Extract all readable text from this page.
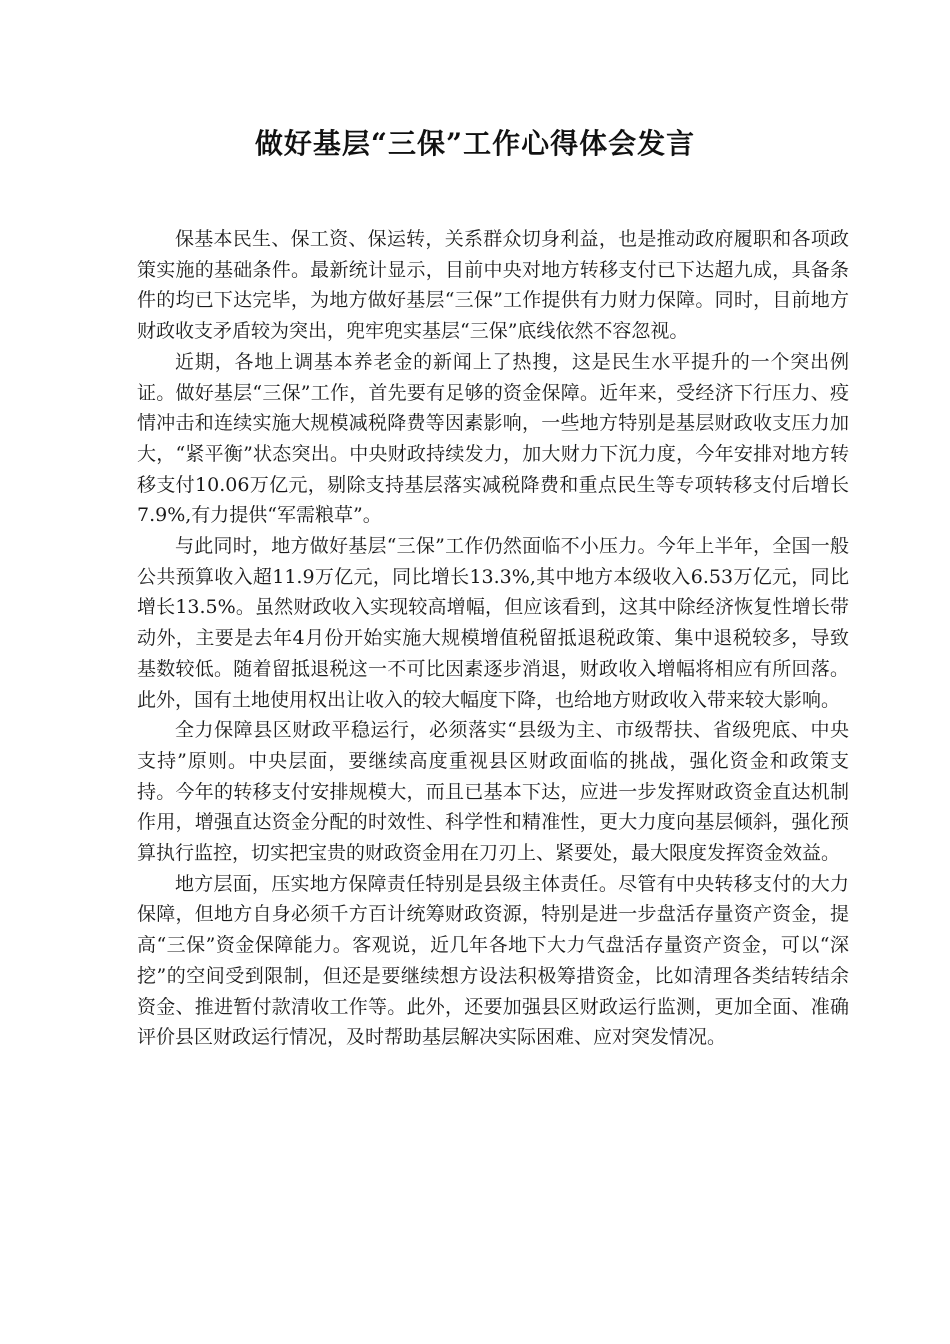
做好基层“三保”工作心得体会发言

保基本民生、保工资、保运转，关系群众切身利益，也是推动政府履职和各项政策实施的基础条件。最新统计显示，目前中央对地方转移支付已下达超九成，具备条件的均已下达完毕，为地方做好基层“三保”工作提供有力财力保障。同时，目前地方财政收支矛盾较为突出，兜牢兜实基层“三保”底线依然不容忽视。

近期，各地上调基本养老金的新闻上了热搜，这是民生水平提升的一个突出例证。做好基层“三保”工作，首先要有足够的资金保障。近年来，受经济下行压力、疫情冲击和连续实施大规模减税降费等因素影响，一些地方特别是基层财政收支压力加大，“紧平衡”状态突出。中央财政持续发力，加大财力下沉力度，今年安排对地方转移支付10.06万亿元，剔除支持基层落实减税降费和重点民生等专项转移支付后增长7.9%,有力提供“军需粮草”。

与此同时，地方做好基层“三保”工作仍然面临不小压力。今年上半年，全国一般公共预算收入超11.9万亿元，同比增长13.3%,其中地方本级收入6.53万亿元，同比增长13.5%。虽然财政收入实现较高增幅，但应该看到，这其中除经济恢复性增长带动外，主要是去年4月份开始实施大规模增值税留抵退税政策、集中退税较多，导致基数较低。随着留抵退税这一不可比因素逐步消退，财政收入增幅将相应有所回落。此外，国有土地使用权出让收入的较大幅度下降，也给地方财政收入带来较大影响。

全力保障县区财政平稳运行，必须落实“县级为主、市级帮扶、省级兜底、中央支持”原则。中央层面，要继续高度重视县区财政面临的挑战，强化资金和政策支持。今年的转移支付安排规模大，而且已基本下达，应进一步发挥财政资金直达机制作用，增强直达资金分配的时效性、科学性和精准性，更大力度向基层倾斜，强化预算执行监控，切实把宝贵的财政资金用在刀刃上、紧要处，最大限度发挥资金效益。

地方层面，压实地方保障责任特别是县级主体责任。尽管有中央转移支付的大力保障，但地方自身必须千方百计统筹财政资源，特别是进一步盘活存量资产资金，提高“三保”资金保障能力。客观说，近几年各地下大力气盘活存量资产资金，可以“深挖”的空间受到限制，但还是要继续想方设法积极筹措资金，比如清理各类结转结余资金、推进暂付款清收工作等。此外，还要加强县区财政运行监测，更加全面、准确评价县区财政运行情况，及时帮助基层解决实际困难、应对突发情况。
